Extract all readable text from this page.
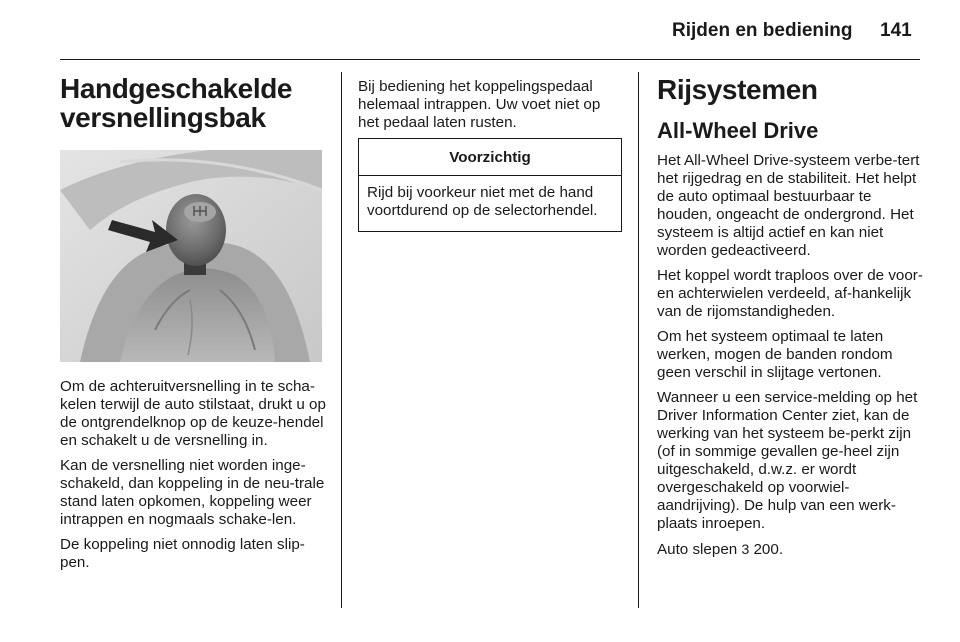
Rijden en bediening 141
Handgeschakelde versnellingsbak

Om de achteruitversnelling in te scha-kelen terwijl de auto stilstaat, drukt u op de ontgrendelknop op de keuze-hendel en schakelt u de versnelling in.

Kan de versnelling niet worden inge-schakeld, dan koppeling in de neu-trale stand laten opkomen, koppeling weer intrappen en nogmaals schake-len.

De koppeling niet onnodig laten slip-pen.

Bij bediening het koppelingspedaal helemaal intrappen. Uw voet niet op het pedaal laten rusten.

Voorzichtig
Rijd bij voorkeur niet met de hand voortdurend op de selectorhendel.
Rijsystemen
All-Wheel Drive

Het All-Wheel Drive-systeem verbe-tert het rijgedrag en de stabiliteit. Het helpt de auto optimaal bestuurbaar te houden, ongeacht de ondergrond. Het systeem is altijd actief en kan niet worden gedeactiveerd.

Het koppel wordt traploos over de voor- en achterwielen verdeeld, af-hankelijk van de rijomstandigheden.

Om het systeem optimaal te laten werken, mogen de banden rondom geen verschil in slijtage vertonen.

Wanneer u een service-melding op het Driver Information Center ziet, kan de werking van het systeem be-perkt zijn (of in sommige gevallen ge-heel zijn uitgeschakeld, d.w.z. er wordt overgeschakeld op voorwiel-aandrijving). De hulp van een werk-plaats inroepen.

Auto slepen 3 200.
